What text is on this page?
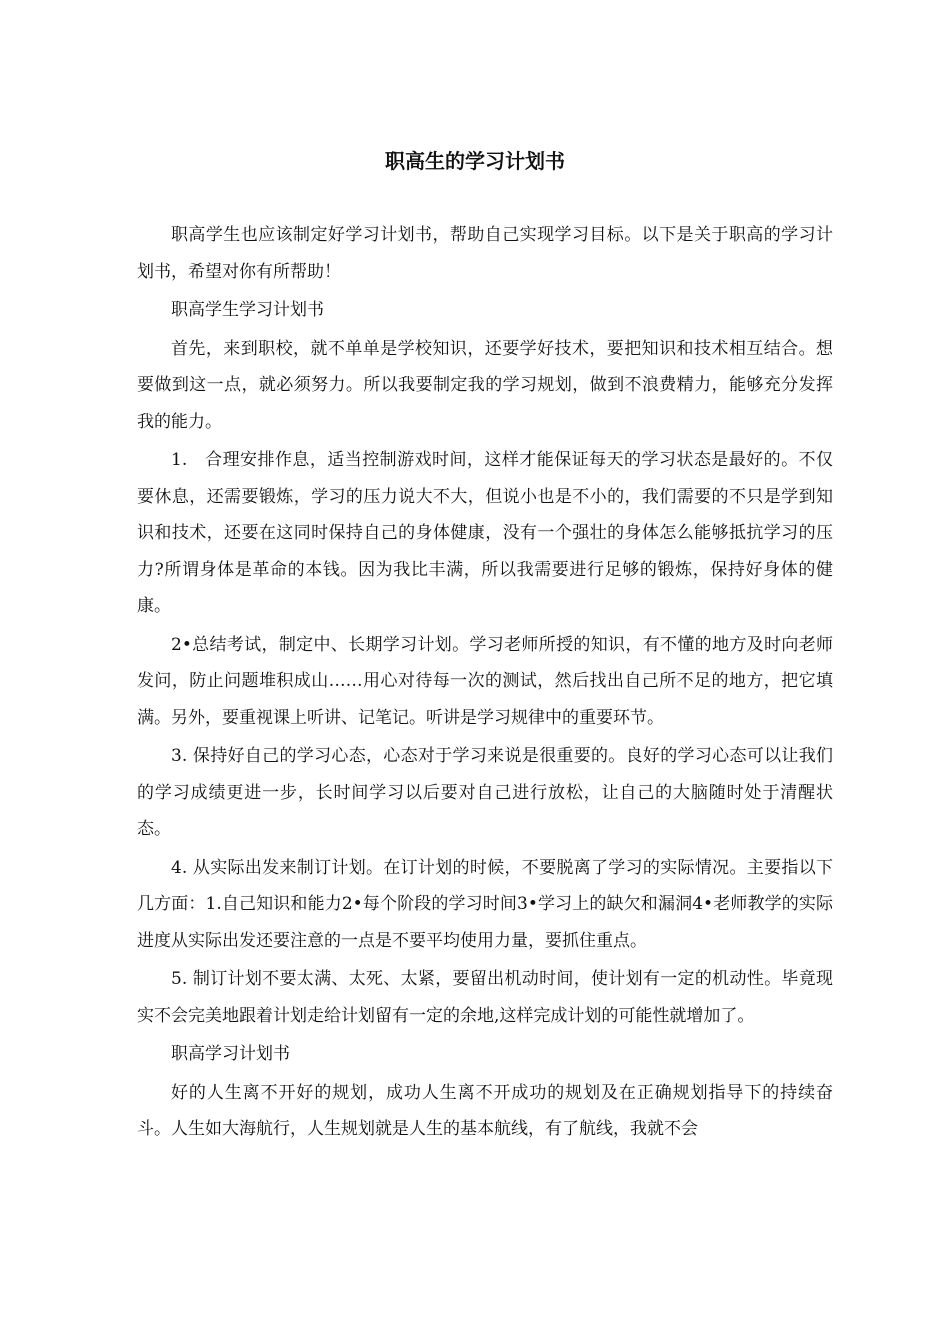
职高生的学习计划书

职高学生也应该制定好学习计划书，帮助自己实现学习目标。以下是关于职高的学习计划书，希望对你有所帮助！

职高学生学习计划书

首先，来到职校，就不单单是学校知识，还要学好技术，要把知识和技术相互结合。想要做到这一点，就必须努力。所以我要制定我的学习规划，做到不浪费精力，能够充分发挥我的能力。

1.　合理安排作息，适当控制游戏时间，这样才能保证每天的学习状态是最好的。不仅要休息，还需要锻炼，学习的压力说大不大，但说小也是不小的，我们需要的不只是学到知识和技术，还要在这同时保持自己的身体健康，没有一个强壮的身体怎么能够抵抗学习的压力?所谓身体是革命的本钱。因为我比丰满，所以我需要进行足够的锻炼，保持好身体的健康。

2•总结考试，制定中、长期学习计划。学习老师所授的知识，有不懂的地方及时向老师发问，防止问题堆积成山……用心对待每一次的测试，然后找出自己所不足的地方，把它填满。另外，要重视课上听讲、记笔记。听讲是学习规律中的重要环节。

3. 保持好自己的学习心态，心态对于学习来说是很重要的。良好的学习心态可以让我们的学习成绩更进一步，长时间学习以后要对自己进行放松，让自己的大脑随时处于清醒状态。

4. 从实际出发来制订计划。在订计划的时候，不要脱离了学习的实际情况。主要指以下几方面：1.自己知识和能力2•每个阶段的学习时间3•学习上的缺欠和漏洞4•老师教学的实际进度从实际出发还要注意的一点是不要平均使用力量，要抓住重点。

5. 制订计划不要太满、太死、太紧，要留出机动时间，使计划有一定的机动性。毕竟现实不会完美地跟着计划走给计划留有一定的余地,这样完成计划的可能性就增加了。

职高学习计划书

好的人生离不开好的规划，成功人生离不开成功的规划及在正确规划指导下的持续奋斗。人生如大海航行，人生规划就是人生的基本航线，有了航线，我就不会
